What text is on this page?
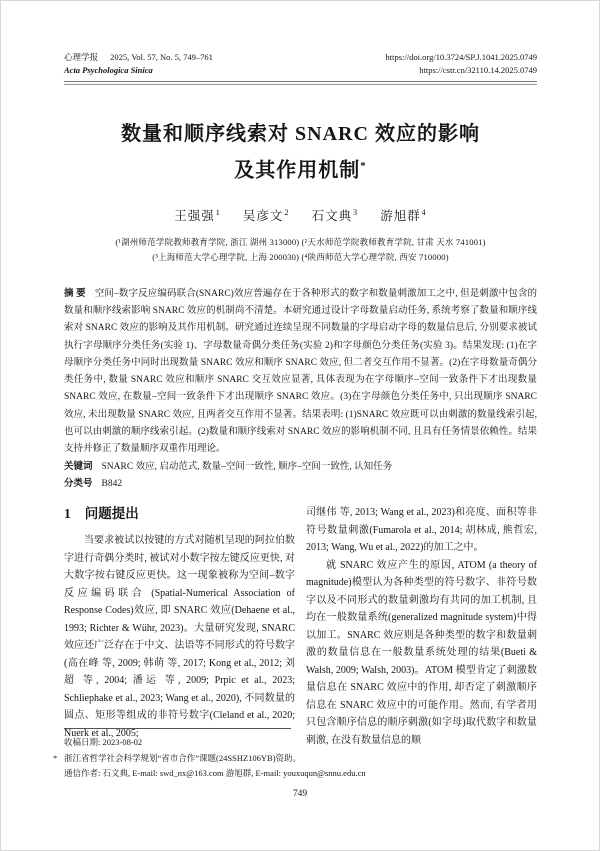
心理学报 2025, Vol. 57, No. 5, 749–761
Acta Psychologica Sinica
https://doi.org/10.3724/SP.J.1041.2025.0749
https://cstr.cn/32110.14.2025.0749
数量和顺序线索对 SNARC 效应的影响
及其作用机制*
王强强$^1$ 吴彦文$^2$ 石文典$^3$ 游旭群$^4$
(¹湖州师范学院教师教育学院, 浙江 湖州 313000) (²天水师范学院教师教育学院, 甘肃 天水 741001)
(³上海师范大学心理学院, 上海 200030) (⁴陕西师范大学心理学院, 西安 710000)
摘 要 空间–数字反应编码联合(SNARC)效应普遍存在于各种形式的数字和数量刺激加工之中, 但是刺激中包含的数量和顺序线索影响 SNARC 效应的机制尚不清楚。本研究通过设计字母数量启动任务, 系统考察了数量和顺序线索对 SNARC 效应的影响及其作用机制。研究通过连续呈现不同数量的字母启动字母的数量信息后, 分别要求被试执行字母顺序分类任务(实验 1)、字母数量奇偶分类任务(实验 2)和字母颜色分类任务(实验 3)。结果发现: (1)在字母顺序分类任务中同时出现数量 SNARC 效应和顺序 SNARC 效应, 但二者交互作用不显著。(2)在字母数量奇偶分类任务中, 数量 SNARC 效应和顺序 SNARC 交互效应显著, 具体表现为在字母顺序–空间一致条件下才出现数量 SNARC 效应, 在数量–空间一致条件下才出现顺序 SNARC 效应。(3)在字母颜色分类任务中, 只出现顺序 SNARC 效应, 未出现数量 SNARC 效应, 且两者交互作用不显著。结果表明: (1)SNARC 效应既可以由刺激的数量线索引起, 也可以由刺激的顺序线索引起。(2)数量和顺序线索对 SNARC 效应的影响机制不同, 且具有任务情景依赖性。结果支持并修正了数量顺序双重作用理论。
关键词 SNARC 效应, 启动范式, 数量–空间一致性, 顺序–空间一致性, 认知任务
分类号 B842
1 问题提出

当要求被试以按键的方式对随机呈现的阿拉伯数字进行奇偶分类时, 被试对小数字按左键反应更快, 对大数字按右键反应更快。这一现象被称为空间–数字反应编码联合 (Spatial-Numerical Association of Response Codes)效应, 即 SNARC 效应(Dehaene et al., 1993; Richter & Wühr, 2023)。大量研究发现, SNARC 效应还广泛存在于中文、法语等不同形式的符号数字(高在峰 等, 2009; 韩萌 等, 2017; Kong et al., 2012; 刘超 等, 2004; 潘运 等, 2009; Prpic et al., 2023; Schliephake et al., 2023; Wang et al., 2020), 不同数量的圆点、矩形等组成的非符号数字(Cleland et al., 2020; Nuerk et al., 2005;

司继伟 等, 2013; Wang et al., 2023)和亮度、面积等非符号数量刺激(Fumarola et al., 2014; 胡林成, 熊哲宏, 2013; Wang, Wu et al., 2022)的加工之中。

就 SNARC 效应产生的原因, ATOM (a theory of magnitude)模型认为各种类型的符号数字、非符号数字以及不同形式的数量刺激均有共同的加工机制, 且均在一般数量系统(generalized magnitude system)中得以加工。SNARC 效应则是各种类型的数字和数量刺激的数量信息在一般数量系统处理的结果(Bueti & Walsh, 2009; Walsh, 2003)。ATOM 模型肯定了刺激数量信息在 SNARC 效应中的作用, 却否定了刺激顺序信息在 SNARC 效应中的可能作用。然而, 有学者用只包含顺序信息的顺序刺激(如字母)取代数字和数量刺激, 在没有数量信息的顺

收稿日期: 2023-08-02
* 浙江省哲学社会科学规划“省市合作”课题(24SSHZ106YB)资助。
通信作者: 石文典, E-mail: swd_nx@163.com 游旭群, E-mail: youxuqun@snnu.edu.cn
749
